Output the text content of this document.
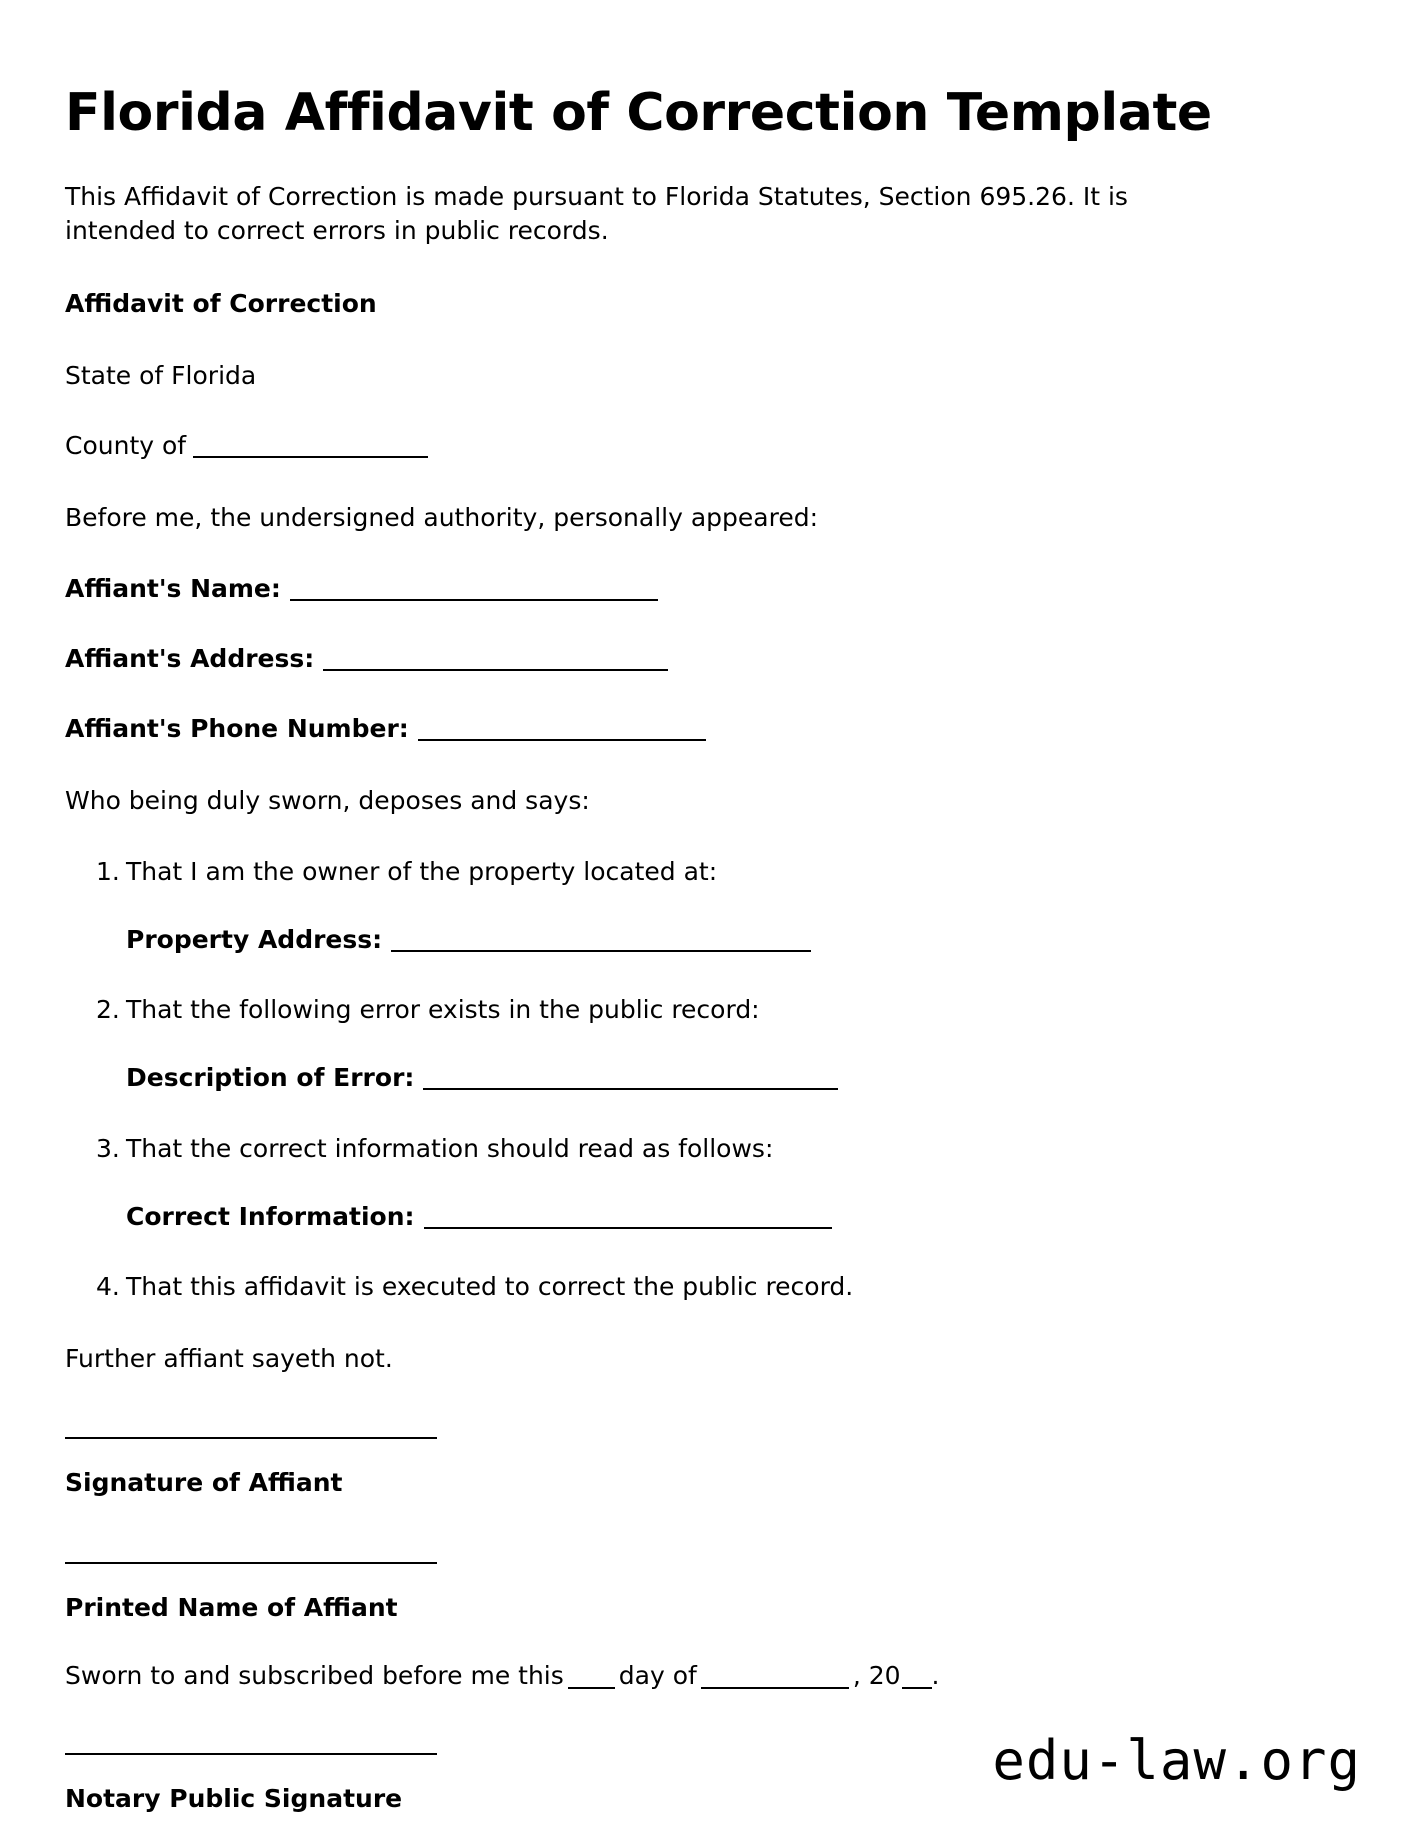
Florida Affidavit of Correction Template

This Affidavit of Correction is made pursuant to Florida Statutes, Section 695.26. It is intended to correct errors in public records.

Affidavit of Correction

State of Florida

County of

Before me, the undersigned authority, personally appeared:

Affiant's Name:

Affiant's Address:

Affiant's Phone Number:

Who being duly sworn, deposes and says:

That I am the owner of the property located at:

Property Address:

That the following error exists in the public record:

Description of Error:

That the correct information should read as follows:

Correct Information:

That this affidavit is executed to correct the public record.

Further affiant sayeth not.

Signature of Affiant

Printed Name of Affiant

Sworn to and subscribed before me this day of	, 20 .

Notary Public Signature

edu-law.org
